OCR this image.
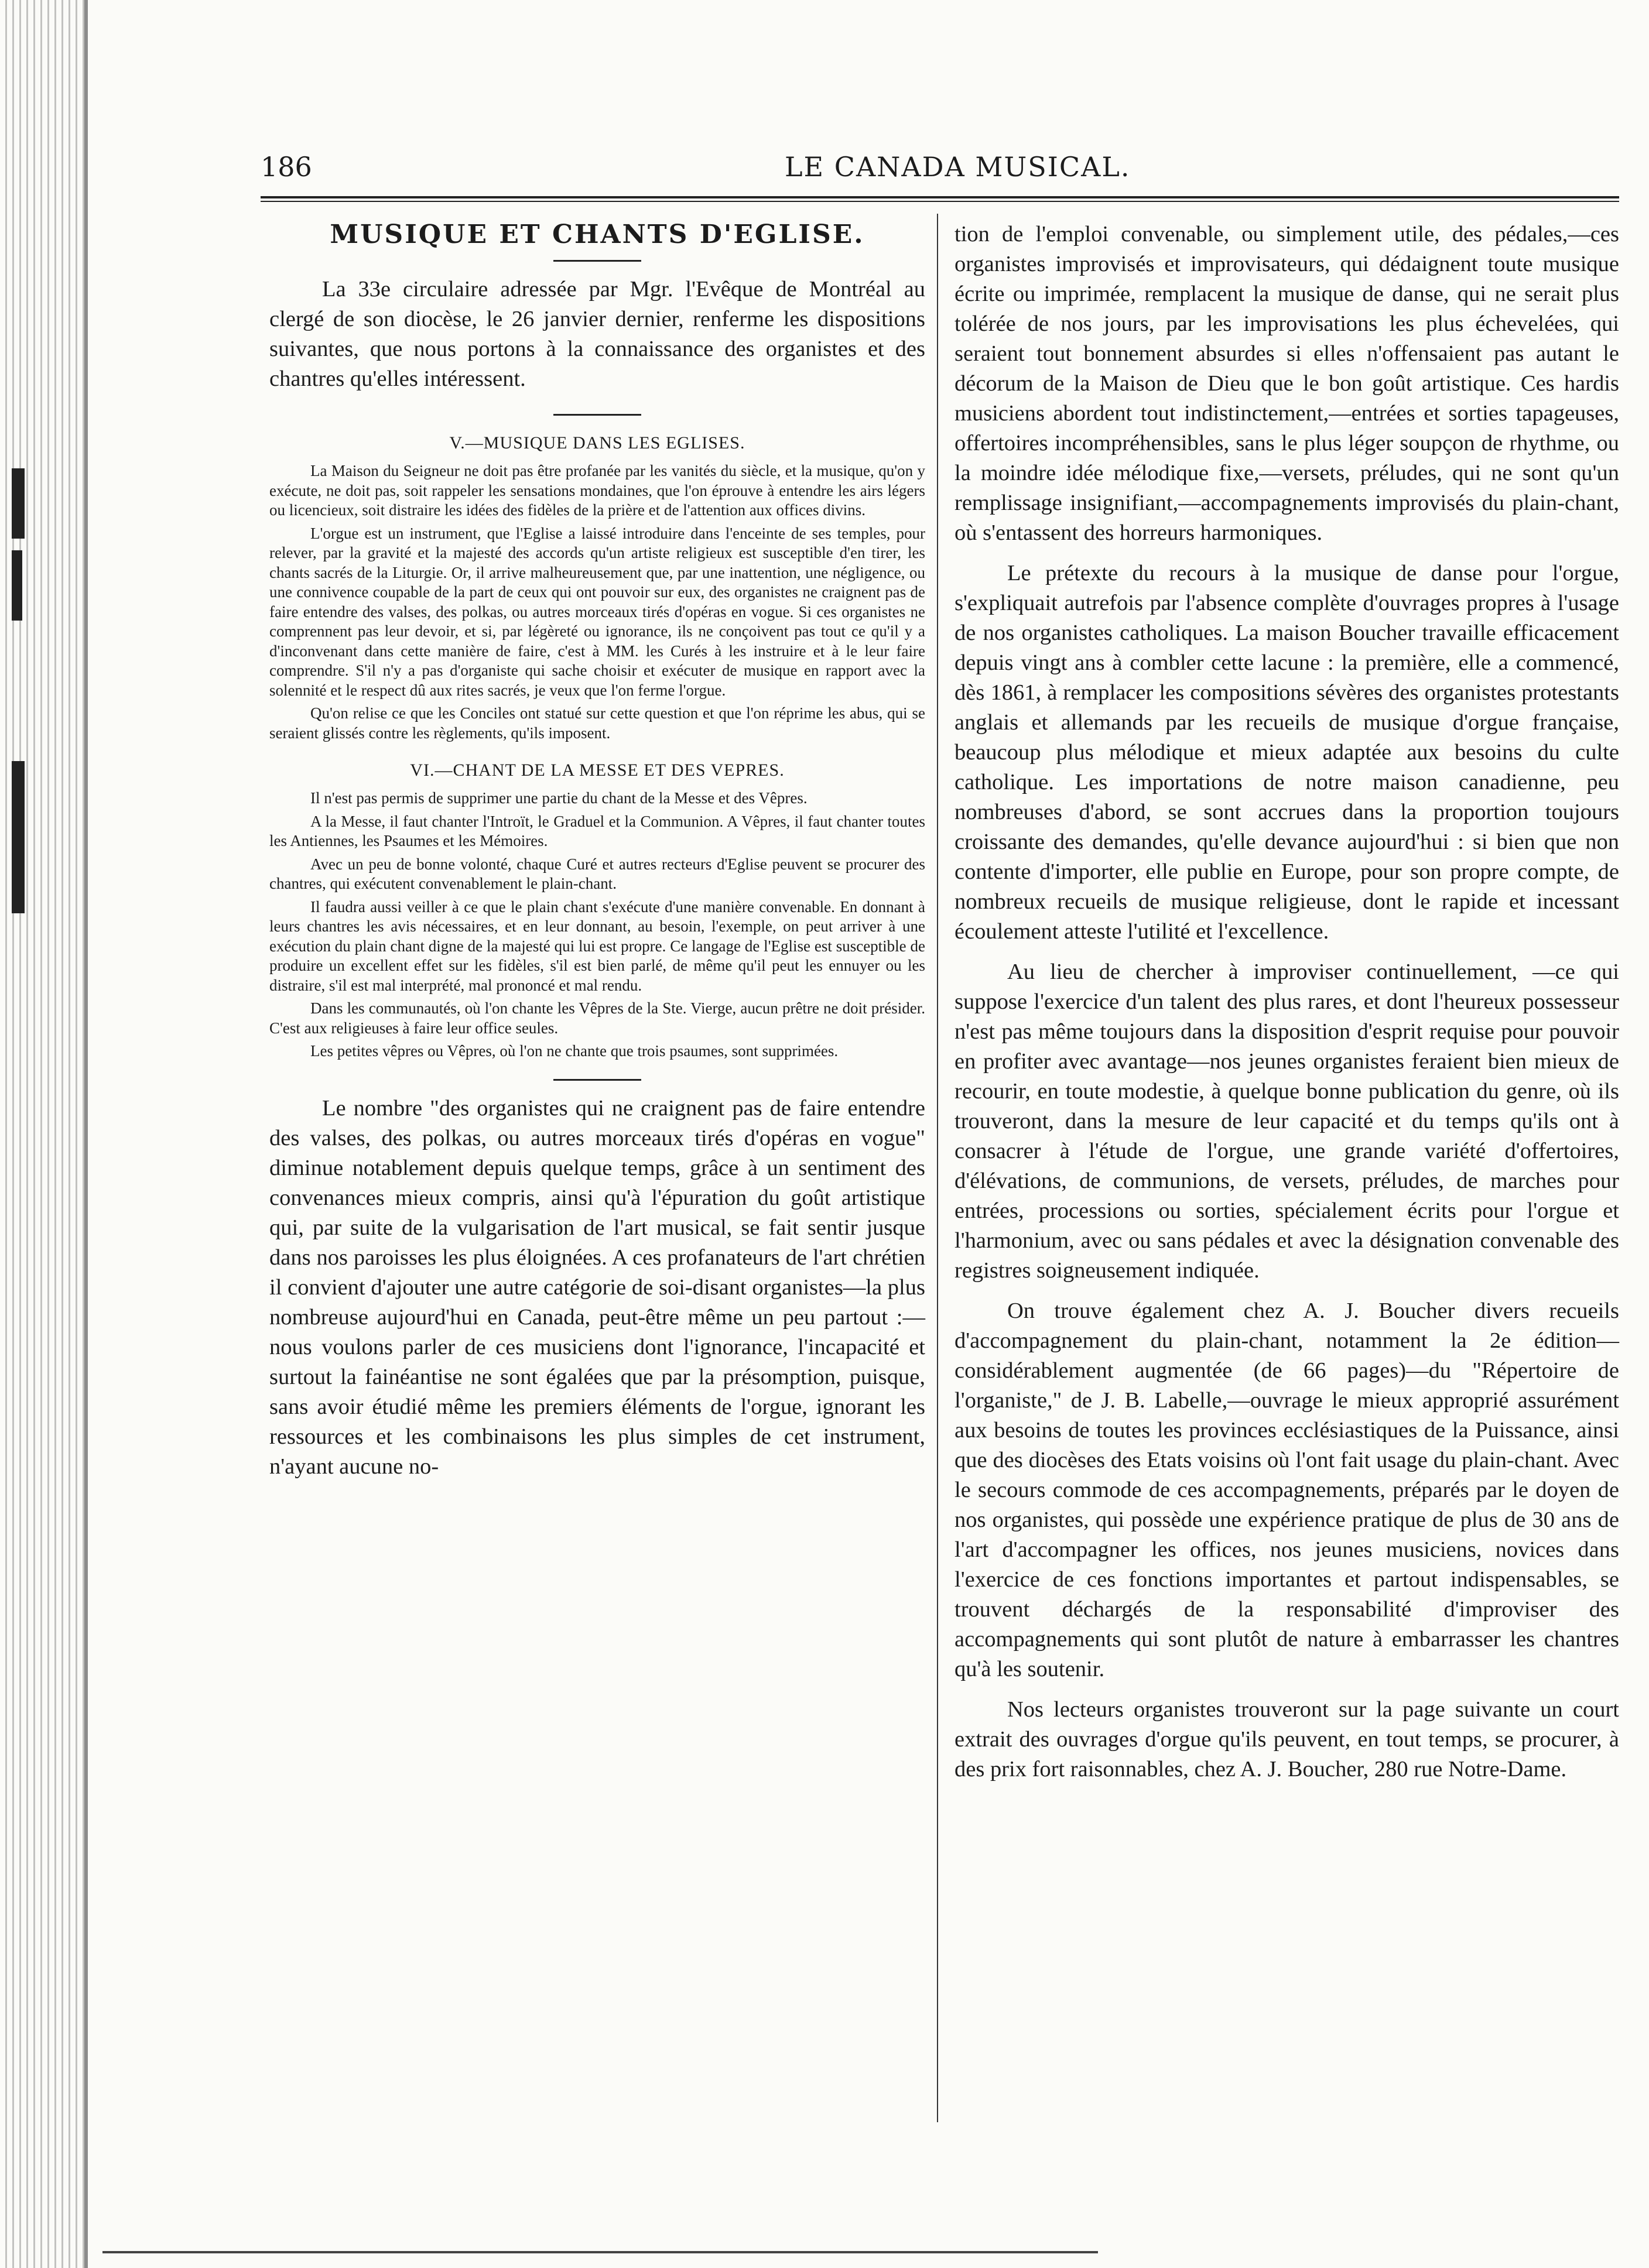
186	LE CANADA MUSICAL.
MUSIQUE ET CHANTS D'EGLISE.

La 33e circulaire adressée par Mgr. l'Evêque de Montréal au clergé de son diocèse, le 26 janvier dernier, renferme les dispositions suivantes, que nous portons à la connaissance des organistes et des chantres qu'elles intéressent.

V.—MUSIQUE DANS LES EGLISES.

La Maison du Seigneur ne doit pas être profanée par les vanités du siècle, et la musique, qu'on y exécute, ne doit pas, soit rappeler les sensations mondaines, que l'on éprouve à entendre les airs légers ou licencieux, soit distraire les idées des fidèles de la prière et de l'attention aux offices divins.

L'orgue est un instrument, que l'Eglise a laissé introduire dans l'enceinte de ses temples, pour relever, par la gravité et la majesté des accords qu'un artiste religieux est susceptible d'en tirer, les chants sacrés de la Liturgie. Or, il arrive malheureusement que, par une inattention, une négligence, ou une connivence coupable de la part de ceux qui ont pouvoir sur eux, des organistes ne craignent pas de faire entendre des valses, des polkas, ou autres morceaux tirés d'opéras en vogue. Si ces organistes ne comprennent pas leur devoir, et si, par légèreté ou ignorance, ils ne conçoivent pas tout ce qu'il y a d'inconvenant dans cette manière de faire, c'est à MM. les Curés à les instruire et à le leur faire comprendre. S'il n'y a pas d'organiste qui sache choisir et exécuter de musique en rapport avec la solennité et le respect dû aux rites sacrés, je veux que l'on ferme l'orgue.

Qu'on relise ce que les Conciles ont statué sur cette question et que l'on réprime les abus, qui se seraient glissés contre les règlements, qu'ils imposent.

VI.—CHANT DE LA MESSE ET DES VEPRES.

Il n'est pas permis de supprimer une partie du chant de la Messe et des Vêpres.

A la Messe, il faut chanter l'Introït, le Graduel et la Communion. A Vêpres, il faut chanter toutes les Antiennes, les Psaumes et les Mémoires.

Avec un peu de bonne volonté, chaque Curé et autres recteurs d'Eglise peuvent se procurer des chantres, qui exécutent convenablement le plain-chant.

Il faudra aussi veiller à ce que le plain chant s'exécute d'une manière convenable. En donnant à leurs chantres les avis nécessaires, et en leur donnant, au besoin, l'exemple, on peut arriver à une exécution du plain chant digne de la majesté qui lui est propre. Ce langage de l'Eglise est susceptible de produire un excellent effet sur les fidèles, s'il est bien parlé, de même qu'il peut les ennuyer ou les distraire, s'il est mal interprété, mal prononcé et mal rendu.

Dans les communautés, où l'on chante les Vêpres de la Ste. Vierge, aucun prêtre ne doit présider. C'est aux religieuses à faire leur office seules.

Les petites vêpres ou Vêpres, où l'on ne chante que trois psaumes, sont supprimées.

Le nombre "des organistes qui ne craignent pas de faire entendre des valses, des polkas, ou autres morceaux tirés d'opéras en vogue" diminue notablement depuis quelque temps, grâce à un sentiment des convenances mieux compris, ainsi qu'à l'épuration du goût artistique qui, par suite de la vulgarisation de l'art musical, se fait sentir jusque dans nos paroisses les plus éloignées. A ces profanateurs de l'art chrétien il convient d'ajouter une autre catégorie de soi-disant organistes—la plus nombreuse aujourd'hui en Canada, peut-être même un peu partout :—nous voulons parler de ces musiciens dont l'ignorance, l'incapacité et surtout la fainéantise ne sont égalées que par la présomption, puisque, sans avoir étudié même les premiers éléments de l'orgue, ignorant les ressources et les combinaisons les plus simples de cet instrument, n'ayant aucune no-

tion de l'emploi convenable, ou simplement utile, des pédales,—ces organistes improvisés et improvisateurs, qui dédaignent toute musique écrite ou imprimée, remplacent la musique de danse, qui ne serait plus tolérée de nos jours, par les improvisations les plus échevelées, qui seraient tout bonnement absurdes si elles n'offensaient pas autant le décorum de la Maison de Dieu que le bon goût artistique. Ces hardis musiciens abordent tout indistinctement,—entrées et sorties tapageuses, offertoires incompréhensibles, sans le plus léger soupçon de rhythme, ou la moindre idée mélodique fixe,—versets, préludes, qui ne sont qu'un remplissage insignifiant,—accompagnements improvisés du plain-chant, où s'entassent des horreurs harmoniques.

Le prétexte du recours à la musique de danse pour l'orgue, s'expliquait autrefois par l'absence complète d'ouvrages propres à l'usage de nos organistes catholiques. La maison Boucher travaille efficacement depuis vingt ans à combler cette lacune : la première, elle a commencé, dès 1861, à remplacer les compositions sévères des organistes protestants anglais et allemands par les recueils de musique d'orgue française, beaucoup plus mélodique et mieux adaptée aux besoins du culte catholique. Les importations de notre maison canadienne, peu nombreuses d'abord, se sont accrues dans la proportion toujours croissante des demandes, qu'elle devance aujourd'hui : si bien que non contente d'importer, elle publie en Europe, pour son propre compte, de nombreux recueils de musique religieuse, dont le rapide et incessant écoulement atteste l'utilité et l'excellence.

Au lieu de chercher à improviser continuellement, —ce qui suppose l'exercice d'un talent des plus rares, et dont l'heureux possesseur n'est pas même toujours dans la disposition d'esprit requise pour pouvoir en profiter avec avantage—nos jeunes organistes feraient bien mieux de recourir, en toute modestie, à quelque bonne publication du genre, où ils trouveront, dans la mesure de leur capacité et du temps qu'ils ont à consacrer à l'étude de l'orgue, une grande variété d'offertoires, d'élévations, de communions, de versets, préludes, de marches pour entrées, processions ou sorties, spécialement écrits pour l'orgue et l'harmonium, avec ou sans pédales et avec la désignation convenable des registres soigneusement indiquée.

On trouve également chez A. J. Boucher divers recueils d'accompagnement du plain-chant, notamment la 2e édition—considérablement augmentée (de 66 pages)—du "Répertoire de l'organiste," de J. B. Labelle,—ouvrage le mieux approprié assurément aux besoins de toutes les provinces ecclésiastiques de la Puissance, ainsi que des diocèses des Etats voisins où l'ont fait usage du plain-chant. Avec le secours commode de ces accompagnements, préparés par le doyen de nos organistes, qui possède une expérience pratique de plus de 30 ans de l'art d'accompagner les offices, nos jeunes musiciens, novices dans l'exercice de ces fonctions importantes et partout indispensables, se trouvent déchargés de la responsabilité d'improviser des accompagnements qui sont plutôt de nature à embarrasser les chantres qu'à les soutenir.

Nos lecteurs organistes trouveront sur la page suivante un court extrait des ouvrages d'orgue qu'ils peuvent, en tout temps, se procurer, à des prix fort raisonnables, chez A. J. Boucher, 280 rue Notre-Dame.
